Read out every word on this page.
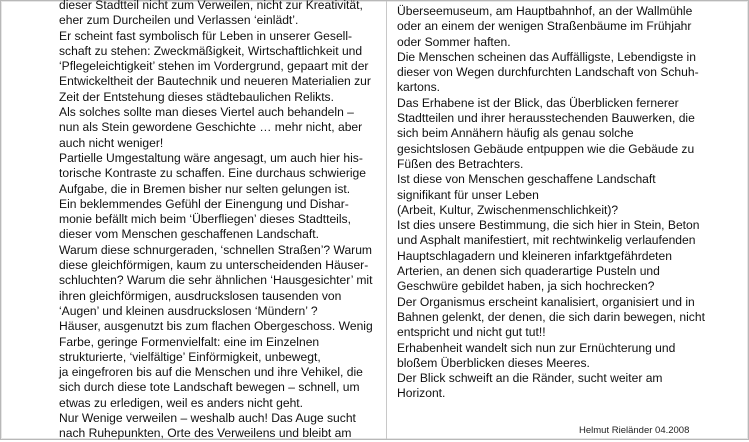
dieser Stadtteil nicht zum Verweilen, nicht zur Kreativität,
eher zum Durcheilen und Verlassen ‘einlädt’.

Er scheint fast symbolisch für Leben in unserer Gesell-
schaft zu stehen: Zweckmäßigkeit, Wirtschaftlichkeit und
‘Pflegeleichtigkeit’ stehen im Vordergrund, gepaart mit der
Entwickeltheit der Bautechnik und neueren Materialien zur
Zeit der Entstehung dieses städtebaulichen Relikts.

Als solches sollte man dieses Viertel auch behandeln –
nun als Stein gewordene Geschichte … mehr nicht, aber
auch nicht weniger!

Partielle Umgestaltung wäre angesagt, um auch hier his-
torische Kontraste zu schaffen. Eine durchaus schwierige
Aufgabe, die in Bremen bisher nur selten gelungen ist.

Ein beklemmendes Gefühl der Einengung und Dishar-
monie befällt mich beim ‘Überfliegen’ dieses Stadtteils,
dieser vom Menschen geschaffenen Landschaft.

Warum diese schnurgeraden, ‘schnellen Straßen’? Warum
diese gleichförmigen, kaum zu unterscheidenden Häuser-
schluchten? Warum die sehr ähnlichen ‘Hausgesichter’ mit
ihren gleichförmigen, ausdruckslosen tausenden von
‘Augen’ und kleinen ausdruckslosen ‘Mündern’ ?

Häuser, ausgenutzt bis zum flachen Obergeschoss. Wenig
Farbe, geringe Formenvielfalt: eine im Einzelnen
strukturierte, ‘vielfältige’ Einförmigkeit, unbewegt,
ja eingefroren bis auf die Menschen und ihre Vehikel, die
sich durch diese tote Landschaft bewegen – schnell, um
etwas zu erledigen, weil es anders nicht geht.

Nur Wenige verweilen – weshalb auch! Das Auge sucht
nach Ruhepunkten, Orte des Verweilens und bleibt am

Überseemuseum, am Hauptbahnhof, an der Wallmühle
oder an einem der wenigen Straßenbäume im Frühjahr
oder Sommer haften.

Die Menschen scheinen das Auffälligste, Lebendigste in
dieser von Wegen durchfurchten Landschaft von Schuh-
kartons.

Das Erhabene ist der Blick, das Überblicken fernerer
Stadtteilen und ihrer herausstechenden Bauwerken, die
sich beim Annähern häufig als genau solche
gesichtslosen Gebäude entpuppen wie die Gebäude zu
Füßen des Betrachters.

Ist diese von Menschen geschaffene Landschaft
signifikant für unser Leben
(Arbeit, Kultur, Zwischenmenschlichkeit)?

Ist dies unsere Bestimmung, die sich hier in Stein, Beton
und Asphalt manifestiert, mit rechtwinkelig verlaufenden
Hauptschlagadern und kleineren infarktgefährdeten
Arterien, an denen sich quaderartige Pusteln und
Geschwüre gebildet haben, ja sich hochrecken?

Der Organismus erscheint kanalisiert, organisiert und in
Bahnen gelenkt, der denen, die sich darin bewegen, nicht
entspricht und nicht gut tut!!

Erhabenheit wandelt sich nun zur Ernüchterung und
bloßem Überblicken dieses Meeres.

Der Blick schweift an die Ränder, sucht weiter am
Horizont.

Helmut Rieländer 04.2008
